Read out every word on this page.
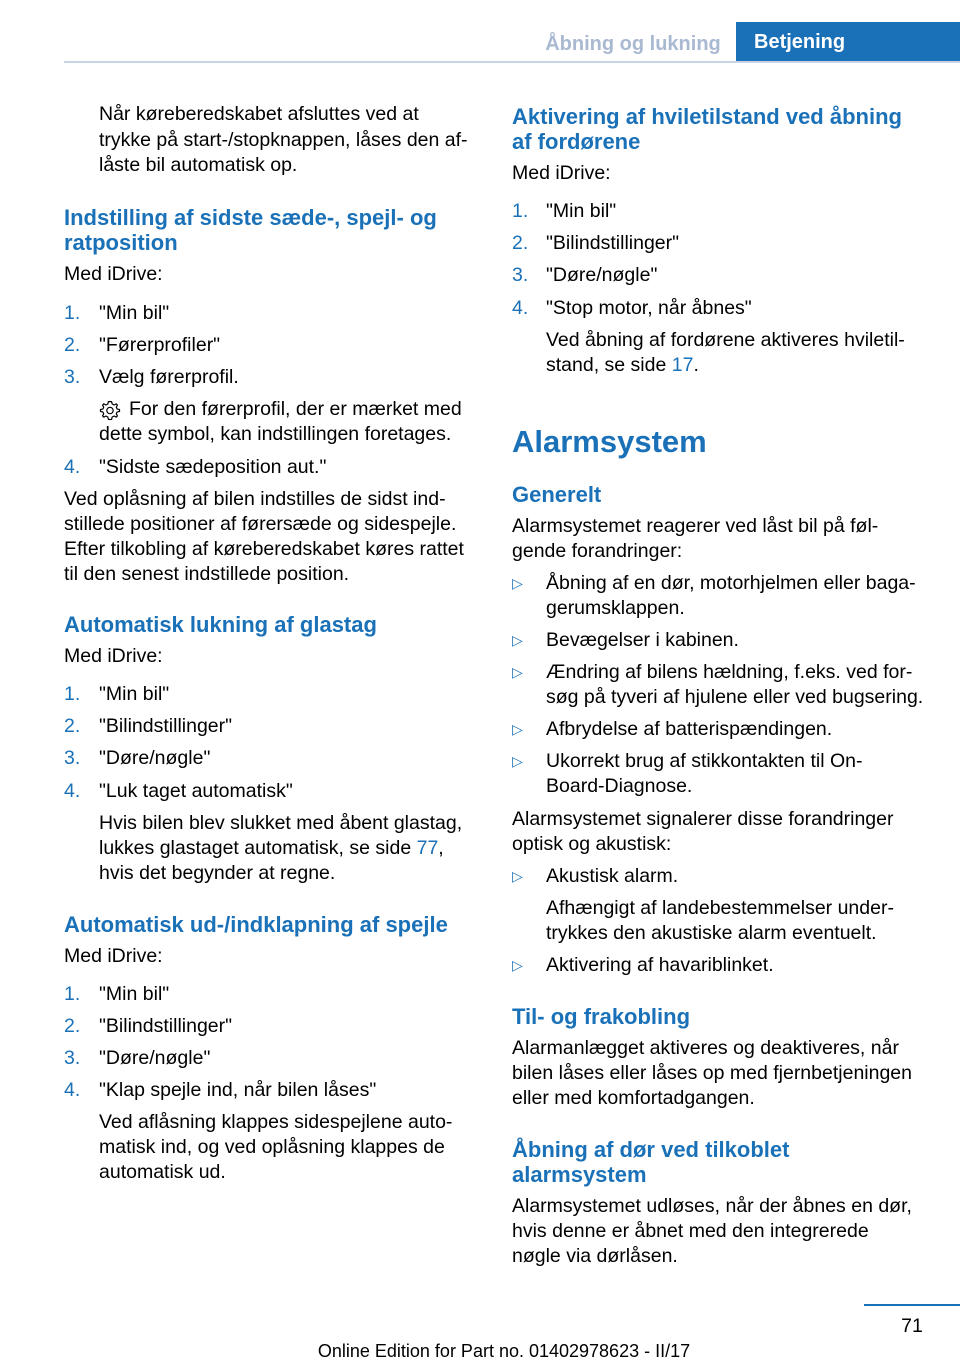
Åbning og lukning	Betjening
Når køreberedskabet afsluttes ved at
trykke på start-/stopknappen, låses den af-
låste bil automatisk op.
Indstilling af sidste sæde-, spejl- og
ratposition
Med iDrive:
1. "Min bil"
2. "Førerprofiler"
3. Vælg førerprofil.
For den førerprofil, der er mærket med
dette symbol, kan indstillingen foretages.
4. "Sidste sædeposition aut."
Ved oplåsning af bilen indstilles de sidst ind-
stillede positioner af førersæde og sidespejle.
Efter tilkobling af køreberedskabet køres rattet
til den senest indstillede position.
Automatisk lukning af glastag
Med iDrive:
1. "Min bil"
2. "Bilindstillinger"
3. "Døre/nøgle"
4. "Luk taget automatisk"
Hvis bilen blev slukket med åbent glastag,
lukkes glastaget automatisk, se side 77,
hvis det begynder at regne.
Automatisk ud-/indklapning af spejle
Med iDrive:
1. "Min bil"
2. "Bilindstillinger"
3. "Døre/nøgle"
4. "Klap spejle ind, når bilen låses"
Ved aflåsning klappes sidespejlene auto-
matisk ind, og ved oplåsning klappes de
automatisk ud.
Aktivering af hviletilstand ved åbning
af fordørene
Med iDrive:
1. "Min bil"
2. "Bilindstillinger"
3. "Døre/nøgle"
4. "Stop motor, når åbnes"
Ved åbning af fordørene aktiveres hviletil-
stand, se side 17.
Alarmsystem
Generelt
Alarmsystemet reagerer ved låst bil på føl-
gende forandringer:
▷ Åbning af en dør, motorhjelmen eller baga-
gerumsklappen.
▷ Bevægelser i kabinen.
▷ Ændring af bilens hældning, f.eks. ved for-
søg på tyveri af hjulene eller ved bugsering.
▷ Afbrydelse af batterispændingen.
▷ Ukorrekt brug af stikkontakten til On-
Board-Diagnose.
Alarmsystemet signalerer disse forandringer
optisk og akustisk:
▷ Akustisk alarm.
Afhængigt af landebestemmelser under-
trykkes den akustiske alarm eventuelt.
▷ Aktivering af havariblinket.
Til- og frakobling
Alarmanlægget aktiveres og deaktiveres, når
bilen låses eller låses op med fjernbetjeningen
eller med komfortadgangen.
Åbning af dør ved tilkoblet
alarmsystem
Alarmsystemet udløses, når der åbnes en dør,
hvis denne er åbnet med den integrerede
nøgle via dørlåsen.
71
Online Edition for Part no. 01402978623 - II/17
